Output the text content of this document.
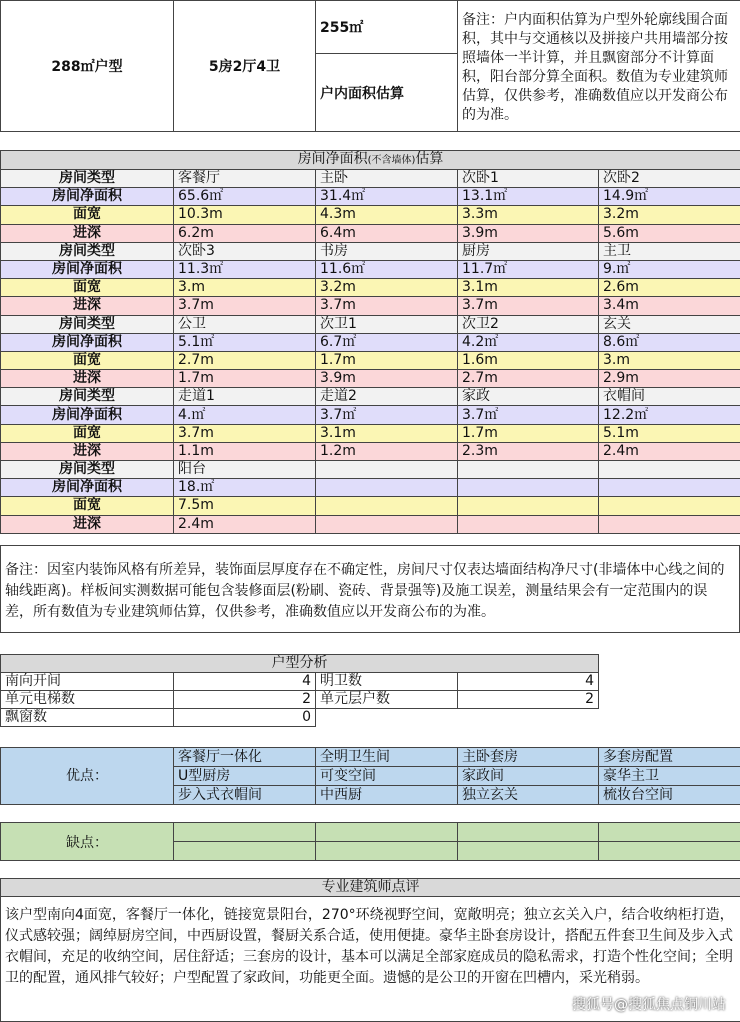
288㎡户型	5房2厅4卫	255㎡	备注：户内面积估算为户型外轮廓线围合面积，其中与交通核以及拼接户共用墙部分按照墙体一半计算，并且飘窗部分不计算面积，阳台部分算全面积。数值为专业建筑师估算，仅供参考，准确数值应以开发商公布的为准。
户内面积估算
房间净面积(不含墙体)估算				
房间类型	客餐厅	主卧	次卧1	次卧2
房间净面积	65.6㎡	31.4㎡	13.1㎡	14.9㎡
面宽	10.3m	4.3m	3.3m	3.2m
进深	6.2m	6.4m	3.9m	5.6m
房间类型	次卧3	书房	厨房	主卫
房间净面积	11.3㎡	11.6㎡	11.7㎡	9.㎡
面宽	3.m	3.2m	3.1m	2.6m
进深	3.7m	3.7m	3.7m	3.4m
房间类型	公卫	次卫1	次卫2	玄关
房间净面积	5.1㎡	6.7㎡	4.2㎡	8.6㎡
面宽	2.7m	1.7m	1.6m	3.m
进深	1.7m	3.9m	2.7m	2.9m
房间类型	走道1	走道2	家政	衣帽间
房间净面积	4.㎡	3.7㎡	3.7㎡	12.2㎡
面宽	3.7m	3.1m	1.7m	5.1m
进深	1.1m	1.2m	2.3m	2.4m
房间类型	阳台			
房间净面积	18.㎡			
面宽	7.5m			
进深	2.4m			
备注：因室内装饰风格有所差异，装饰面层厚度存在不确定性，房间尺寸仅表达墙面结构净尺寸(非墙体中心线之间的轴线距离)。样板间实测数据可能包含装修面层(粉刷、瓷砖、背景强等)及施工误差，测量结果会有一定范围内的误差，所有数值为专业建筑师估算，仅供参考，准确数值应以开发商公布的为准。
户型分析			
南向开间	4	明卫数	4
单元电梯数	2	单元层户数	2
飘窗数	0		
优点：	客餐厅一体化	全明卫生间	主卧套房	多套房配置
	U型厨房	可变空间	家政间	豪华主卫
	步入式衣帽间	中西厨	独立玄关	梳妆台空间
缺点：				

专业建筑师点评
该户型南向4面宽，客餐厅一体化，链接宽景阳台，270°环绕视野空间，宽敞明亮；独立玄关入户，结合收纳柜打造，仪式感较强；阔绰厨房空间，中西厨设置，餐厨关系合适，使用便捷。豪华主卧套房设计，搭配五件套卫生间及步入式衣帽间，充足的收纳空间，居住舒适；三套房的设计，基本可以满足全部家庭成员的隐私需求，打造个性化空间；全明卫的配置，通风排气较好；户型配置了家政间，功能更全面。遗憾的是公卫的开窗在凹槽内，采光稍弱。
搜狐号@搜狐焦点铜川站
